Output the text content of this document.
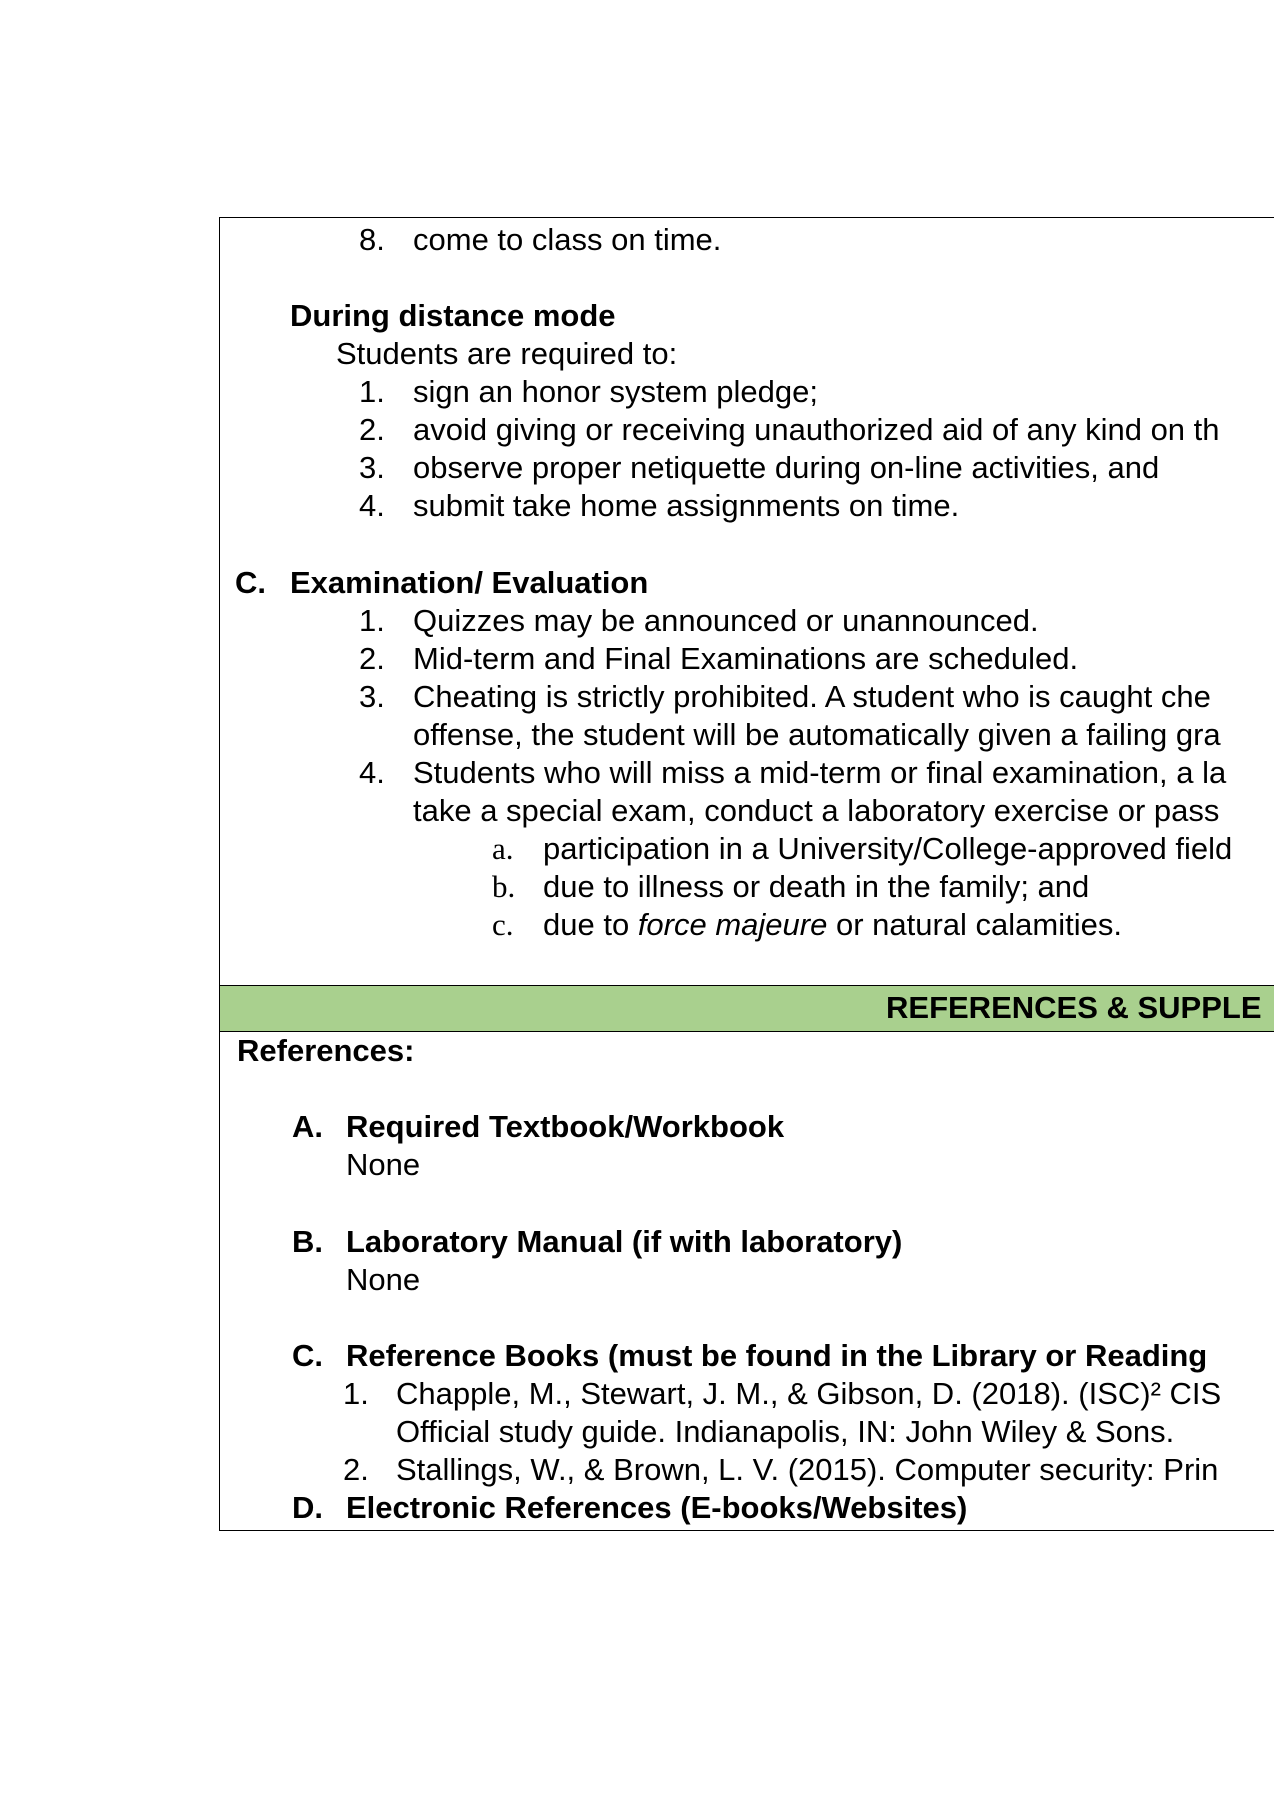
8. come to class on time.
During distance mode
Students are required to:
1. sign an honor system pledge;
2. avoid giving or receiving unauthorized aid of any kind on th
3. observe proper netiquette during on-line activities, and
4. submit take home assignments on time.
C. Examination/ Evaluation
1. Quizzes may be announced or unannounced.
2. Mid-term and Final Examinations are scheduled.
3. Cheating is strictly prohibited. A student who is caught che
offense, the student will be automatically given a failing gra
4. Students who will miss a mid-term or final examination, a la
take a special exam, conduct a laboratory exercise or pass
a. participation in a University/College-approved field
b. due to illness or death in the family; and
c. due to force majeure or natural calamities.
REFERENCES & SUPPLE
References:
A. Required Textbook/Workbook
None
B. Laboratory Manual (if with laboratory)
None
C. Reference Books (must be found in the Library or Reading
1. Chapple, M., Stewart, J. M., & Gibson, D. (2018). (ISC)² CIS
Official study guide. Indianapolis, IN: John Wiley & Sons.
2. Stallings, W., & Brown, L. V. (2015). Computer security: Prin
D. Electronic References (E-books/Websites)
